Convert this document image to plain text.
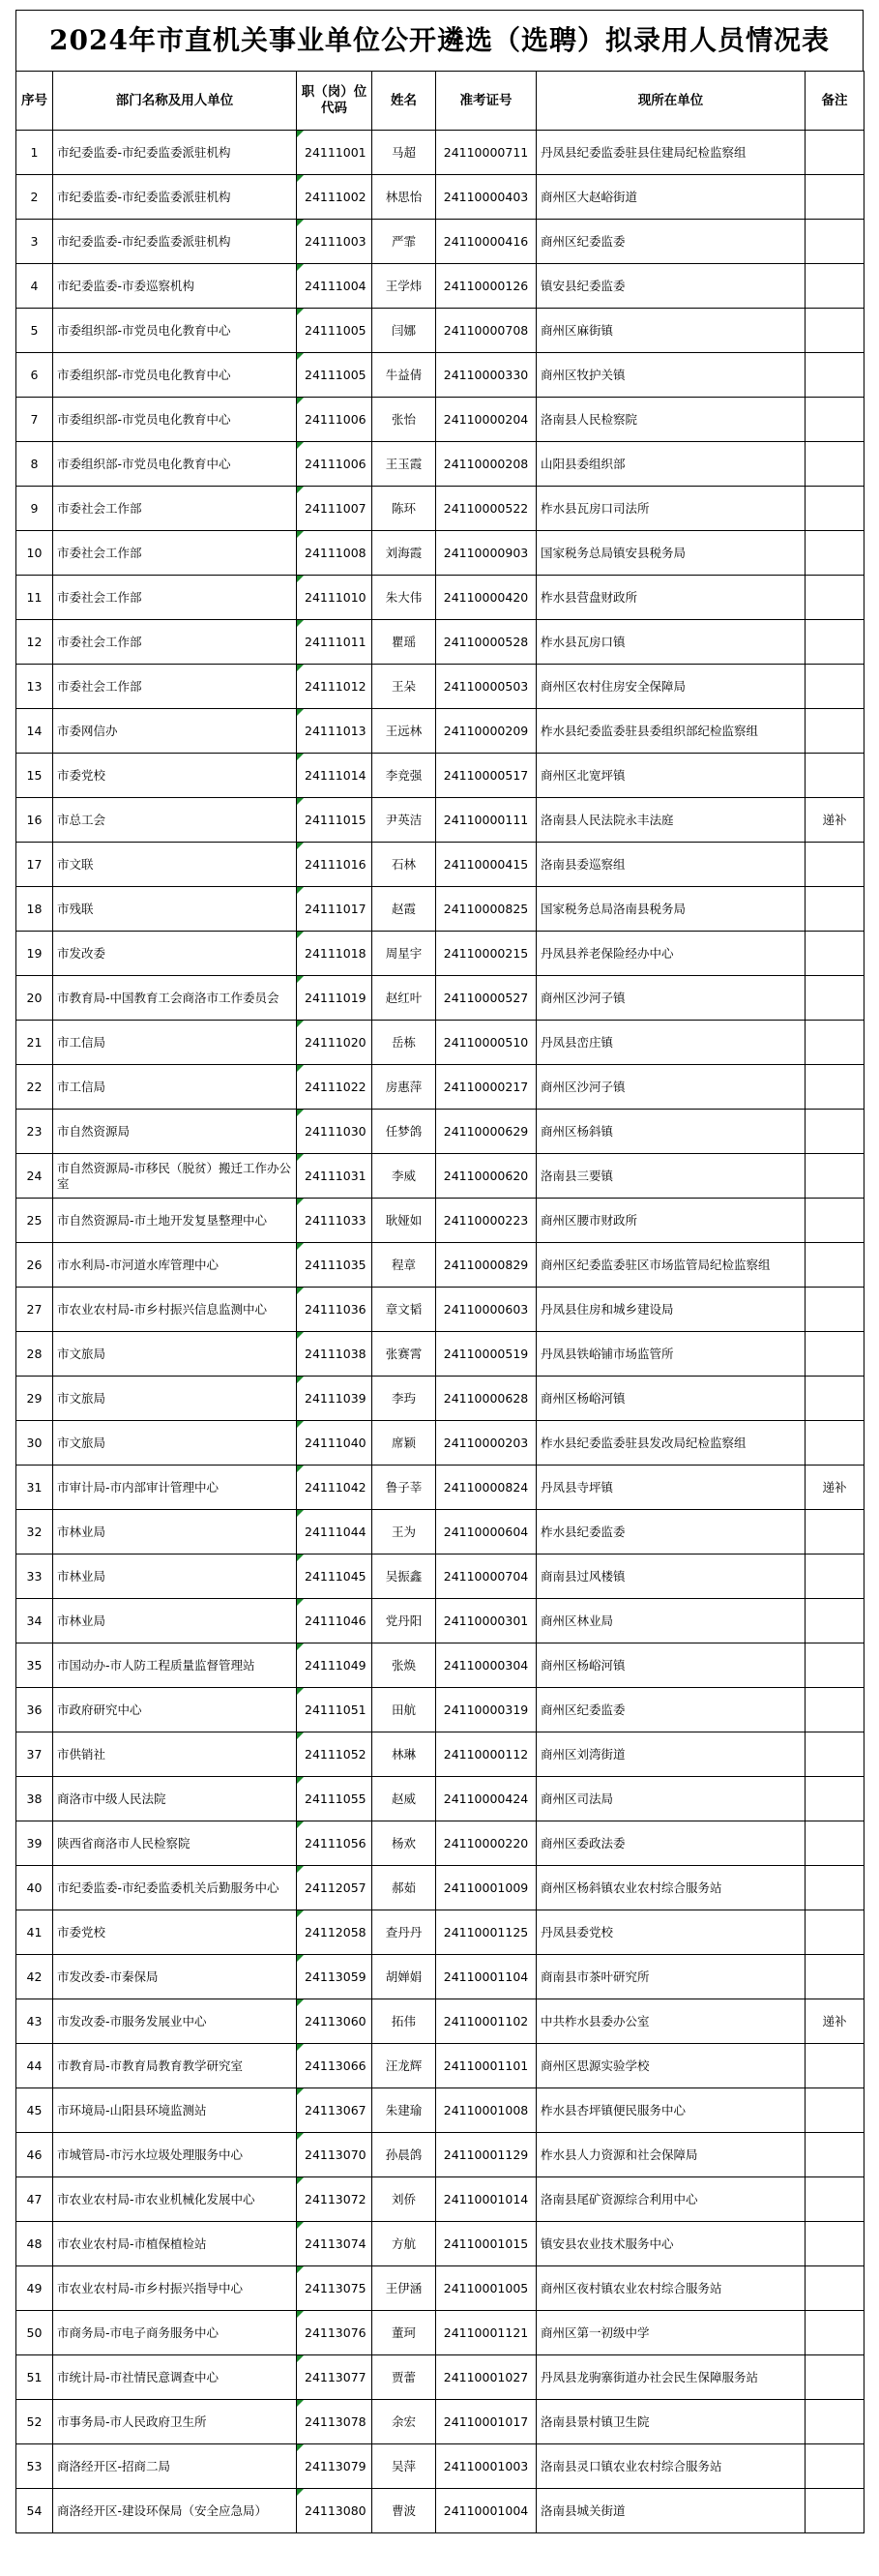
2024年市直机关事业单位公开遴选（选聘）拟录用人员情况表
序号	部门名称及用人单位	职（岗）位代码	姓名	准考证号	现所在单位	备注
1	市纪委监委-市纪委监委派驻机构	24111001	马超	24110000711	丹凤县纪委监委驻县住建局纪检监察组	
2	市纪委监委-市纪委监委派驻机构	24111002	林思怡	24110000403	商州区大赵峪街道	
3	市纪委监委-市纪委监委派驻机构	24111003	严霏	24110000416	商州区纪委监委	
4	市纪委监委-市委巡察机构	24111004	王学炜	24110000126	镇安县纪委监委	
5	市委组织部-市党员电化教育中心	24111005	闫娜	24110000708	商州区麻街镇	
6	市委组织部-市党员电化教育中心	24111005	牛益倩	24110000330	商州区牧护关镇	
7	市委组织部-市党员电化教育中心	24111006	张怡	24110000204	洛南县人民检察院	
8	市委组织部-市党员电化教育中心	24111006	王玉霞	24110000208	山阳县委组织部	
9	市委社会工作部	24111007	陈环	24110000522	柞水县瓦房口司法所	
10	市委社会工作部	24111008	刘海霞	24110000903	国家税务总局镇安县税务局	
11	市委社会工作部	24111010	朱大伟	24110000420	柞水县营盘财政所	
12	市委社会工作部	24111011	瞿瑶	24110000528	柞水县瓦房口镇	
13	市委社会工作部	24111012	王朵	24110000503	商州区农村住房安全保障局	
14	市委网信办	24111013	王远林	24110000209	柞水县纪委监委驻县委组织部纪检监察组	
15	市委党校	24111014	李竞强	24110000517	商州区北宽坪镇	
16	市总工会	24111015	尹英洁	24110000111	洛南县人民法院永丰法庭	递补
17	市文联	24111016	石林	24110000415	洛南县委巡察组	
18	市残联	24111017	赵霞	24110000825	国家税务总局洛南县税务局	
19	市发改委	24111018	周星宇	24110000215	丹凤县养老保险经办中心	
20	市教育局-中国教育工会商洛市工作委员会	24111019	赵红叶	24110000527	商州区沙河子镇	
21	市工信局	24111020	岳栋	24110000510	丹凤县峦庄镇	
22	市工信局	24111022	房惠萍	24110000217	商州区沙河子镇	
23	市自然资源局	24111030	任梦鸽	24110000629	商州区杨斜镇	
24	市自然资源局-市移民（脱贫）搬迁工作办公室	24111031	李威	24110000620	洛南县三要镇	
25	市自然资源局-市土地开发复垦整理中心	24111033	耿娅如	24110000223	商州区腰市财政所	
26	市水利局-市河道水库管理中心	24111035	程章	24110000829	商州区纪委监委驻区市场监管局纪检监察组	
27	市农业农村局-市乡村振兴信息监测中心	24111036	章文韬	24110000603	丹凤县住房和城乡建设局	
28	市文旅局	24111038	张赛霄	24110000519	丹凤县铁峪铺市场监管所	
29	市文旅局	24111039	李玙	24110000628	商州区杨峪河镇	
30	市文旅局	24111040	席颖	24110000203	柞水县纪委监委驻县发改局纪检监察组	
31	市审计局-市内部审计管理中心	24111042	鲁子莘	24110000824	丹凤县寺坪镇	递补
32	市林业局	24111044	王为	24110000604	柞水县纪委监委	
33	市林业局	24111045	吴振鑫	24110000704	商南县过风楼镇	
34	市林业局	24111046	党丹阳	24110000301	商州区林业局	
35	市国动办-市人防工程质量监督管理站	24111049	张焕	24110000304	商州区杨峪河镇	
36	市政府研究中心	24111051	田航	24110000319	商州区纪委监委	
37	市供销社	24111052	林琳	24110000112	商州区刘湾街道	
38	商洛市中级人民法院	24111055	赵威	24110000424	商州区司法局	
39	陕西省商洛市人民检察院	24111056	杨欢	24110000220	商州区委政法委	
40	市纪委监委-市纪委监委机关后勤服务中心	24112057	郝茹	24110001009	商州区杨斜镇农业农村综合服务站	
41	市委党校	24112058	查丹丹	24110001125	丹凤县委党校	
42	市发改委-市秦保局	24113059	胡婵娟	24110001104	商南县市茶叶研究所	
43	市发改委-市服务发展业中心	24113060	拓伟	24110001102	中共柞水县委办公室	递补
44	市教育局-市教育局教育教学研究室	24113066	汪龙辉	24110001101	商州区思源实验学校	
45	市环境局-山阳县环境监测站	24113067	朱建瑜	24110001008	柞水县杏坪镇便民服务中心	
46	市城管局-市污水垃圾处理服务中心	24113070	孙晨鸽	24110001129	柞水县人力资源和社会保障局	
47	市农业农村局-市农业机械化发展中心	24113072	刘侨	24110001014	洛南县尾矿资源综合利用中心	
48	市农业农村局-市植保植检站	24113074	方航	24110001015	镇安县农业技术服务中心	
49	市农业农村局-市乡村振兴指导中心	24113075	王伊涵	24110001005	商州区夜村镇农业农村综合服务站	
50	市商务局-市电子商务服务中心	24113076	董珂	24110001121	商州区第一初级中学	
51	市统计局-市社情民意调查中心	24113077	贾蕾	24110001027	丹凤县龙驹寨街道办社会民生保障服务站	
52	市事务局-市人民政府卫生所	24113078	余宏	24110001017	洛南县景村镇卫生院	
53	商洛经开区-招商二局	24113079	吴萍	24110001003	洛南县灵口镇农业农村综合服务站	
54	商洛经开区-建设环保局（安全应急局）	24113080	曹波	24110001004	洛南县城关街道	
